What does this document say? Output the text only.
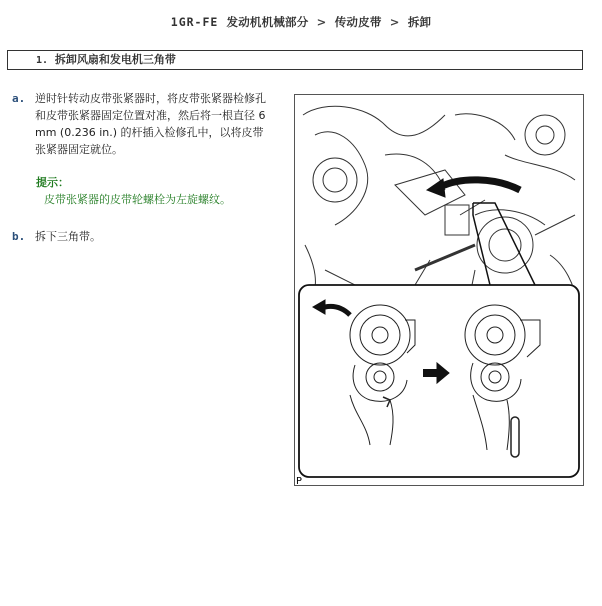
1GR-FE 发动机机械部分 > 传动皮带 > 拆卸
1. 拆卸风扇和发电机三角带
a. 逆时针转动皮带张紧器时，将皮带张紧器检修孔
和皮带张紧器固定位置对准，然后将一根直径 6
mm (0.236 in.) 的杆插入检修孔中，以将皮带
张紧器固定就位。
提示：
皮带张紧器的皮带轮螺栓为左旋螺纹。
b. 拆下三角带。
P
